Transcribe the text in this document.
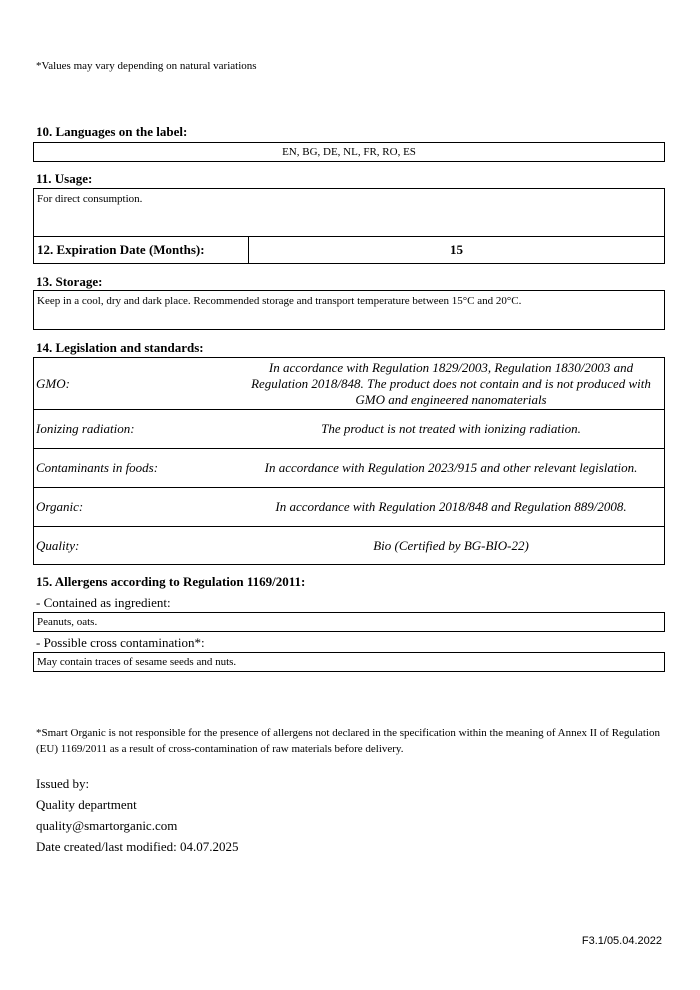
*Values may vary depending on natural variations
10. Languages on the label:
EN, BG, DE, NL, FR, RO, ES
11. Usage:
For direct consumption.
12. Expiration Date (Months):	15
13. Storage:
Keep in a cool, dry and dark place. Recommended storage and transport temperature between 15°C and 20°C.
14. Legislation and standards:
GMO:
In accordance with Regulation 1829/2003, Regulation 1830/2003 and Regulation 2018/848. The product does not contain and is not produced with GMO and engineered nanomaterials
Ionizing radiation:	The product is not treated with ionizing radiation.
Contaminants in foods:	In accordance with Regulation 2023/915 and other relevant legislation.
Organic:	In accordance with Regulation 2018/848 and Regulation 889/2008.
Quality:	Bio (Certified by BG-BIO-22)
15. Allergens according to Regulation 1169/2011:
- Contained as ingredient:
Peanuts, oats.
- Possible cross contamination*:
May contain traces of sesame seeds and nuts.
*Smart Organic is not responsible for the presence of allergens not declared in the specification within the meaning of Annex II of Regulation (EU) 1169/2011 as a result of cross-contamination of raw materials before delivery.
Issued by:
Quality department
quality@smartorganic.com
Date created/last modified: 04.07.2025
F3.1/05.04.2022
